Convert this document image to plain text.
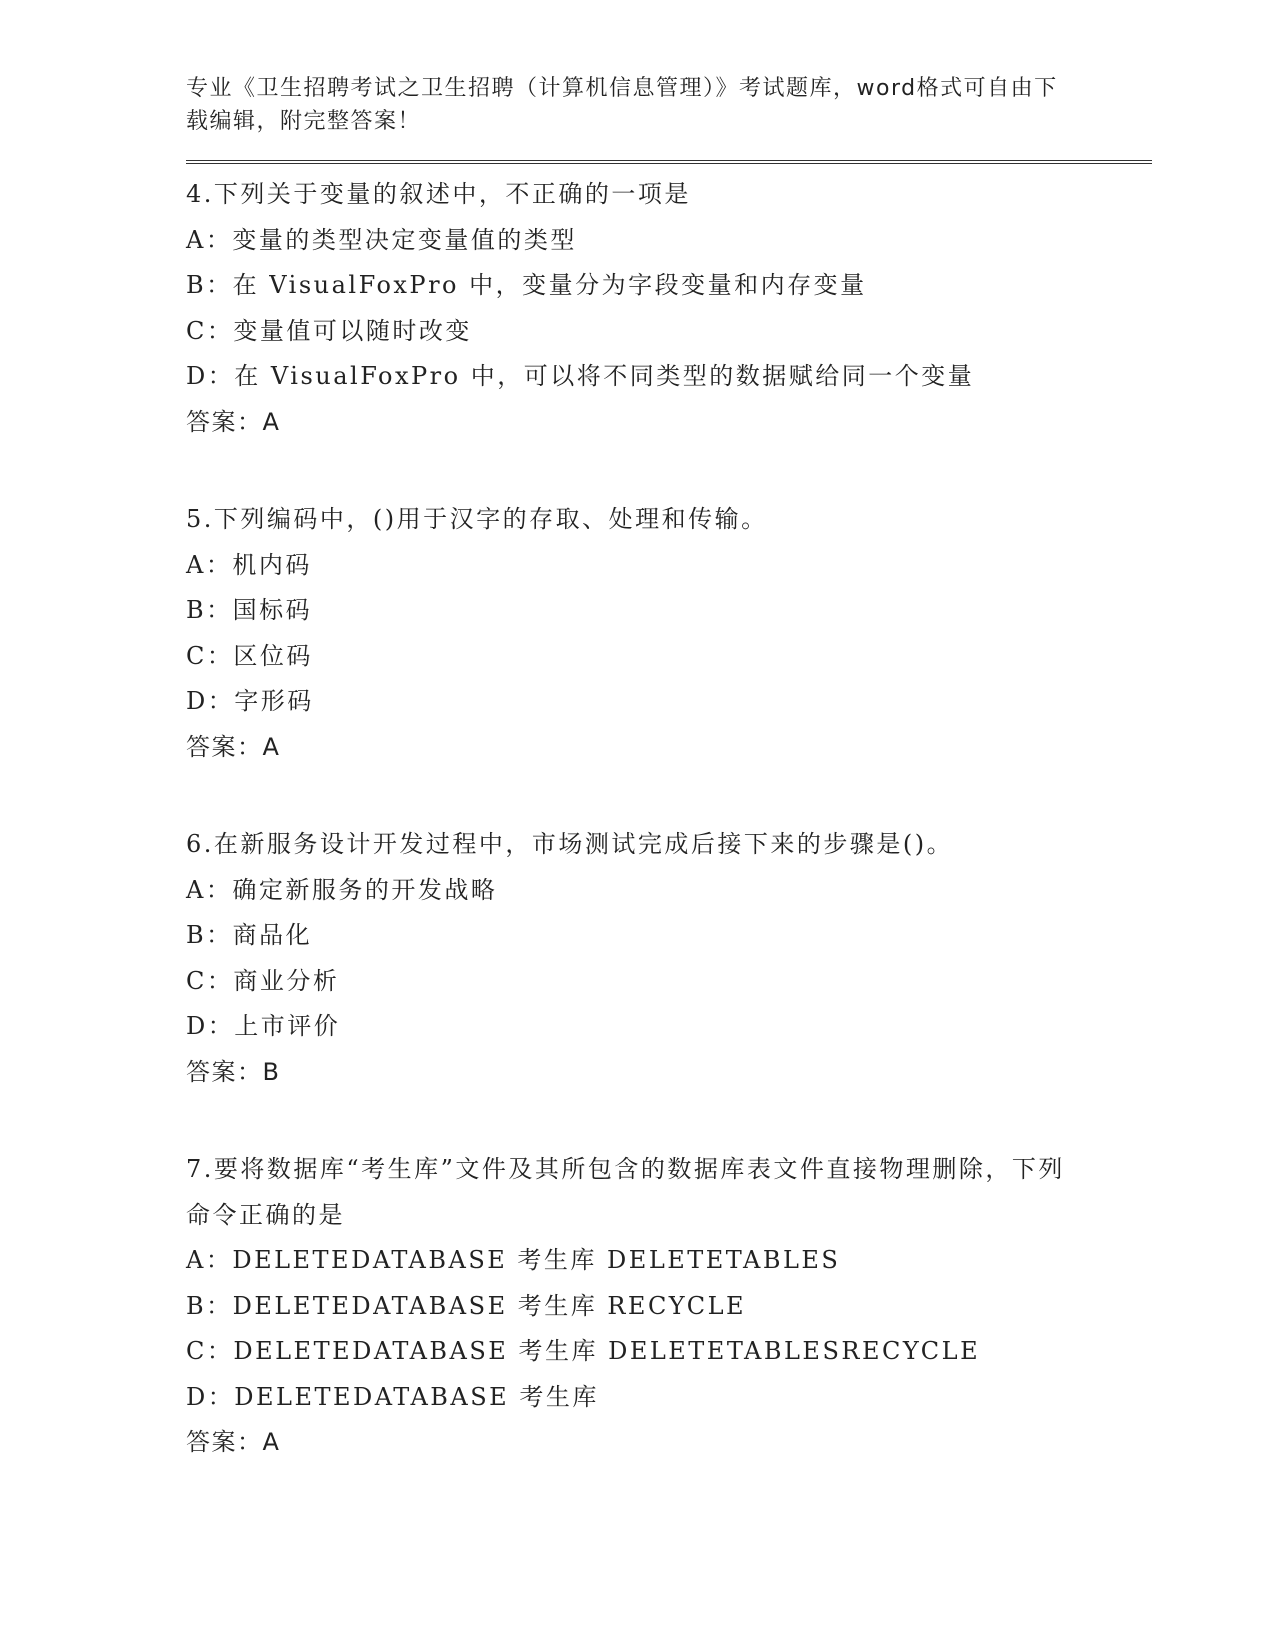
专业《卫生招聘考试之卫生招聘（计算机信息管理）》考试题库，word格式可自由下载编辑，附完整答案！
4.下列关于变量的叙述中，不正确的一项是
A：变量的类型决定变量值的类型
B：在 VisualFoxPro 中，变量分为字段变量和内存变量
C：变量值可以随时改变
D：在 VisualFoxPro 中，可以将不同类型的数据赋给同一个变量
答案：A
5.下列编码中，()用于汉字的存取、处理和传输。
A：机内码
B：国标码
C：区位码
D：字形码
答案：A
6.在新服务设计开发过程中，市场测试完成后接下来的步骤是()。
A：确定新服务的开发战略
B：商品化
C：商业分析
D：上市评价
答案：B
7.要将数据库“考生库”文件及其所包含的数据库表文件直接物理删除，下列命令正确的是
A：DELETEDATABASE 考生库 DELETETABLES
B：DELETEDATABASE 考生库 RECYCLE
C：DELETEDATABASE 考生库 DELETETABLESRECYCLE
D：DELETEDATABASE 考生库
答案：A
